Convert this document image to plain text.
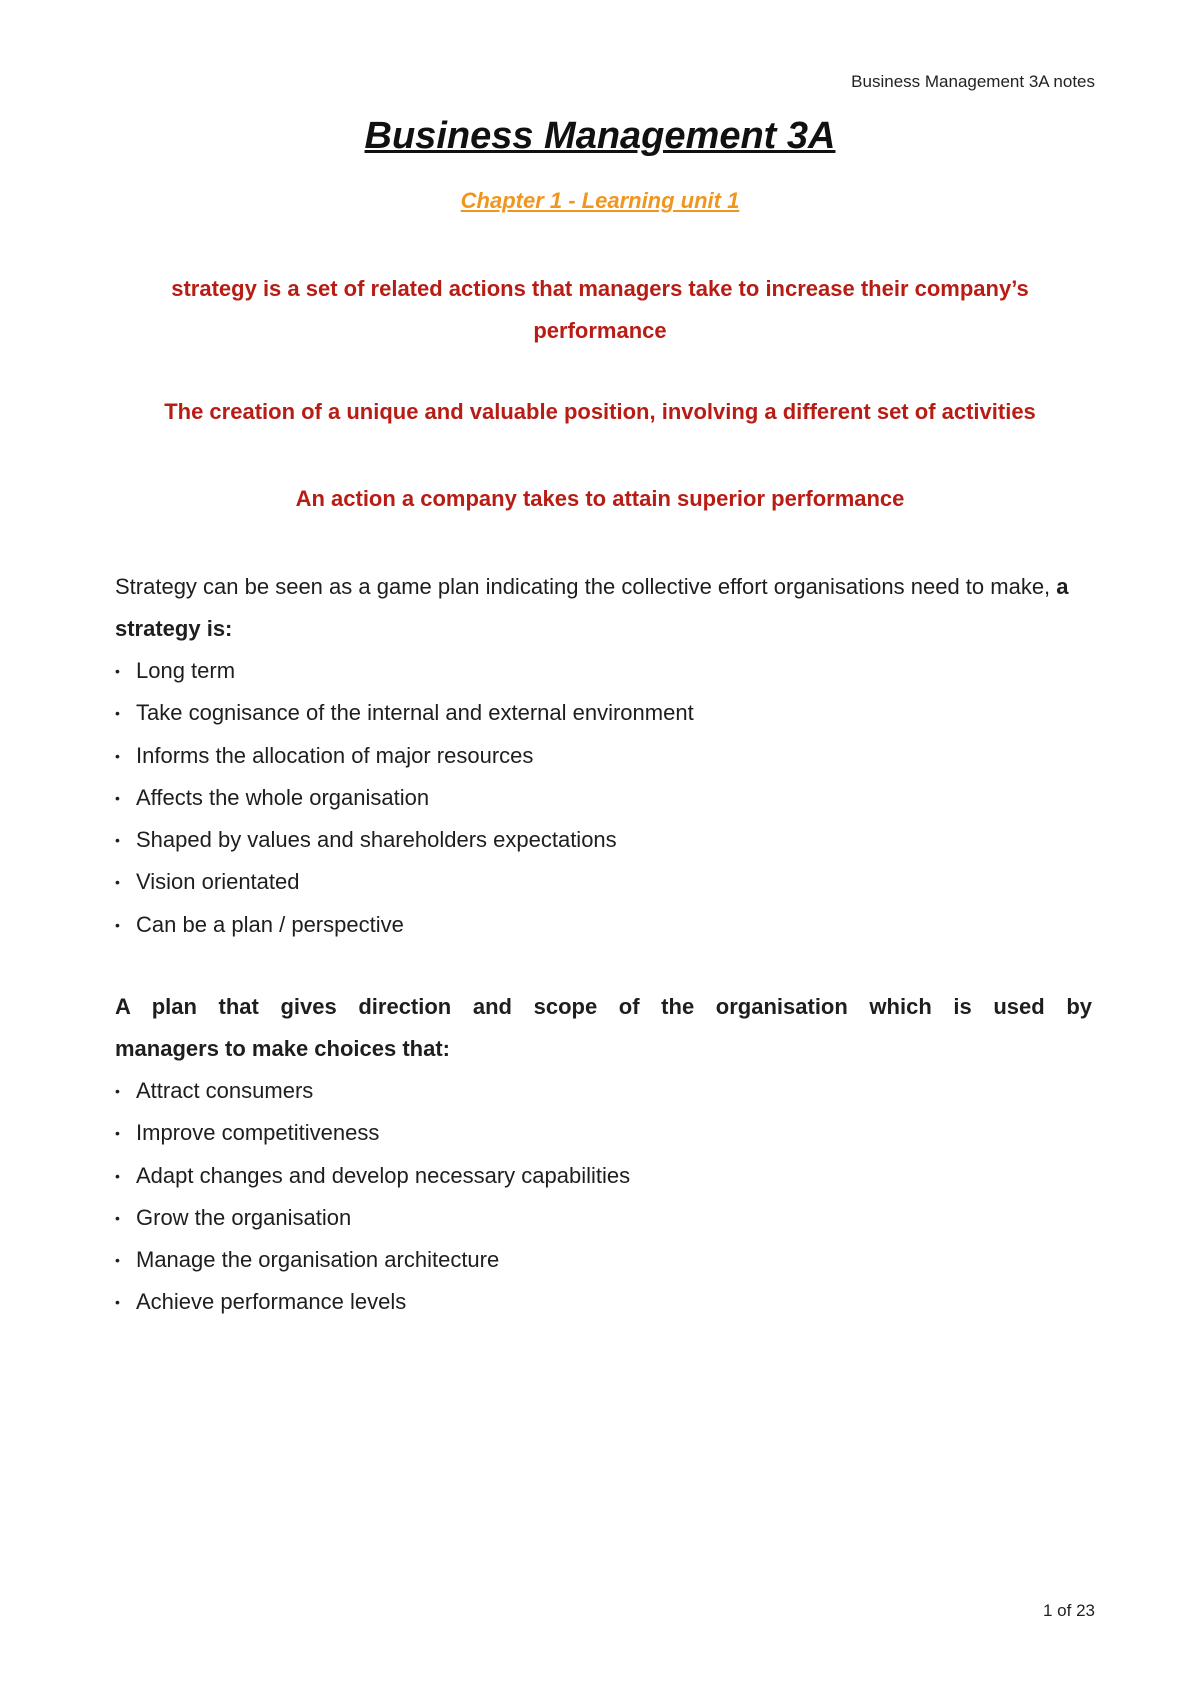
Business Management 3A notes
Business Management 3A
Chapter 1 - Learning unit 1
strategy is a set of related actions that managers take to increase their company’s performance
The creation of a unique and valuable position, involving a different set of activities
An action a company takes to attain superior performance
Strategy can be seen as a game plan indicating the collective effort organisations need to make, a strategy is:
• Long term
• Take cognisance of the internal and external environment
• Informs the allocation of major resources
• Affects the whole organisation
• Shaped by values and shareholders expectations
• Vision orientated
• Can be a plan / perspective
A plan that gives direction and scope of the organisation which is used by
managers to make choices that:
• Attract consumers
• Improve competitiveness
• Adapt changes and develop necessary capabilities
• Grow the organisation
• Manage the organisation architecture
• Achieve performance levels
1 of 23
